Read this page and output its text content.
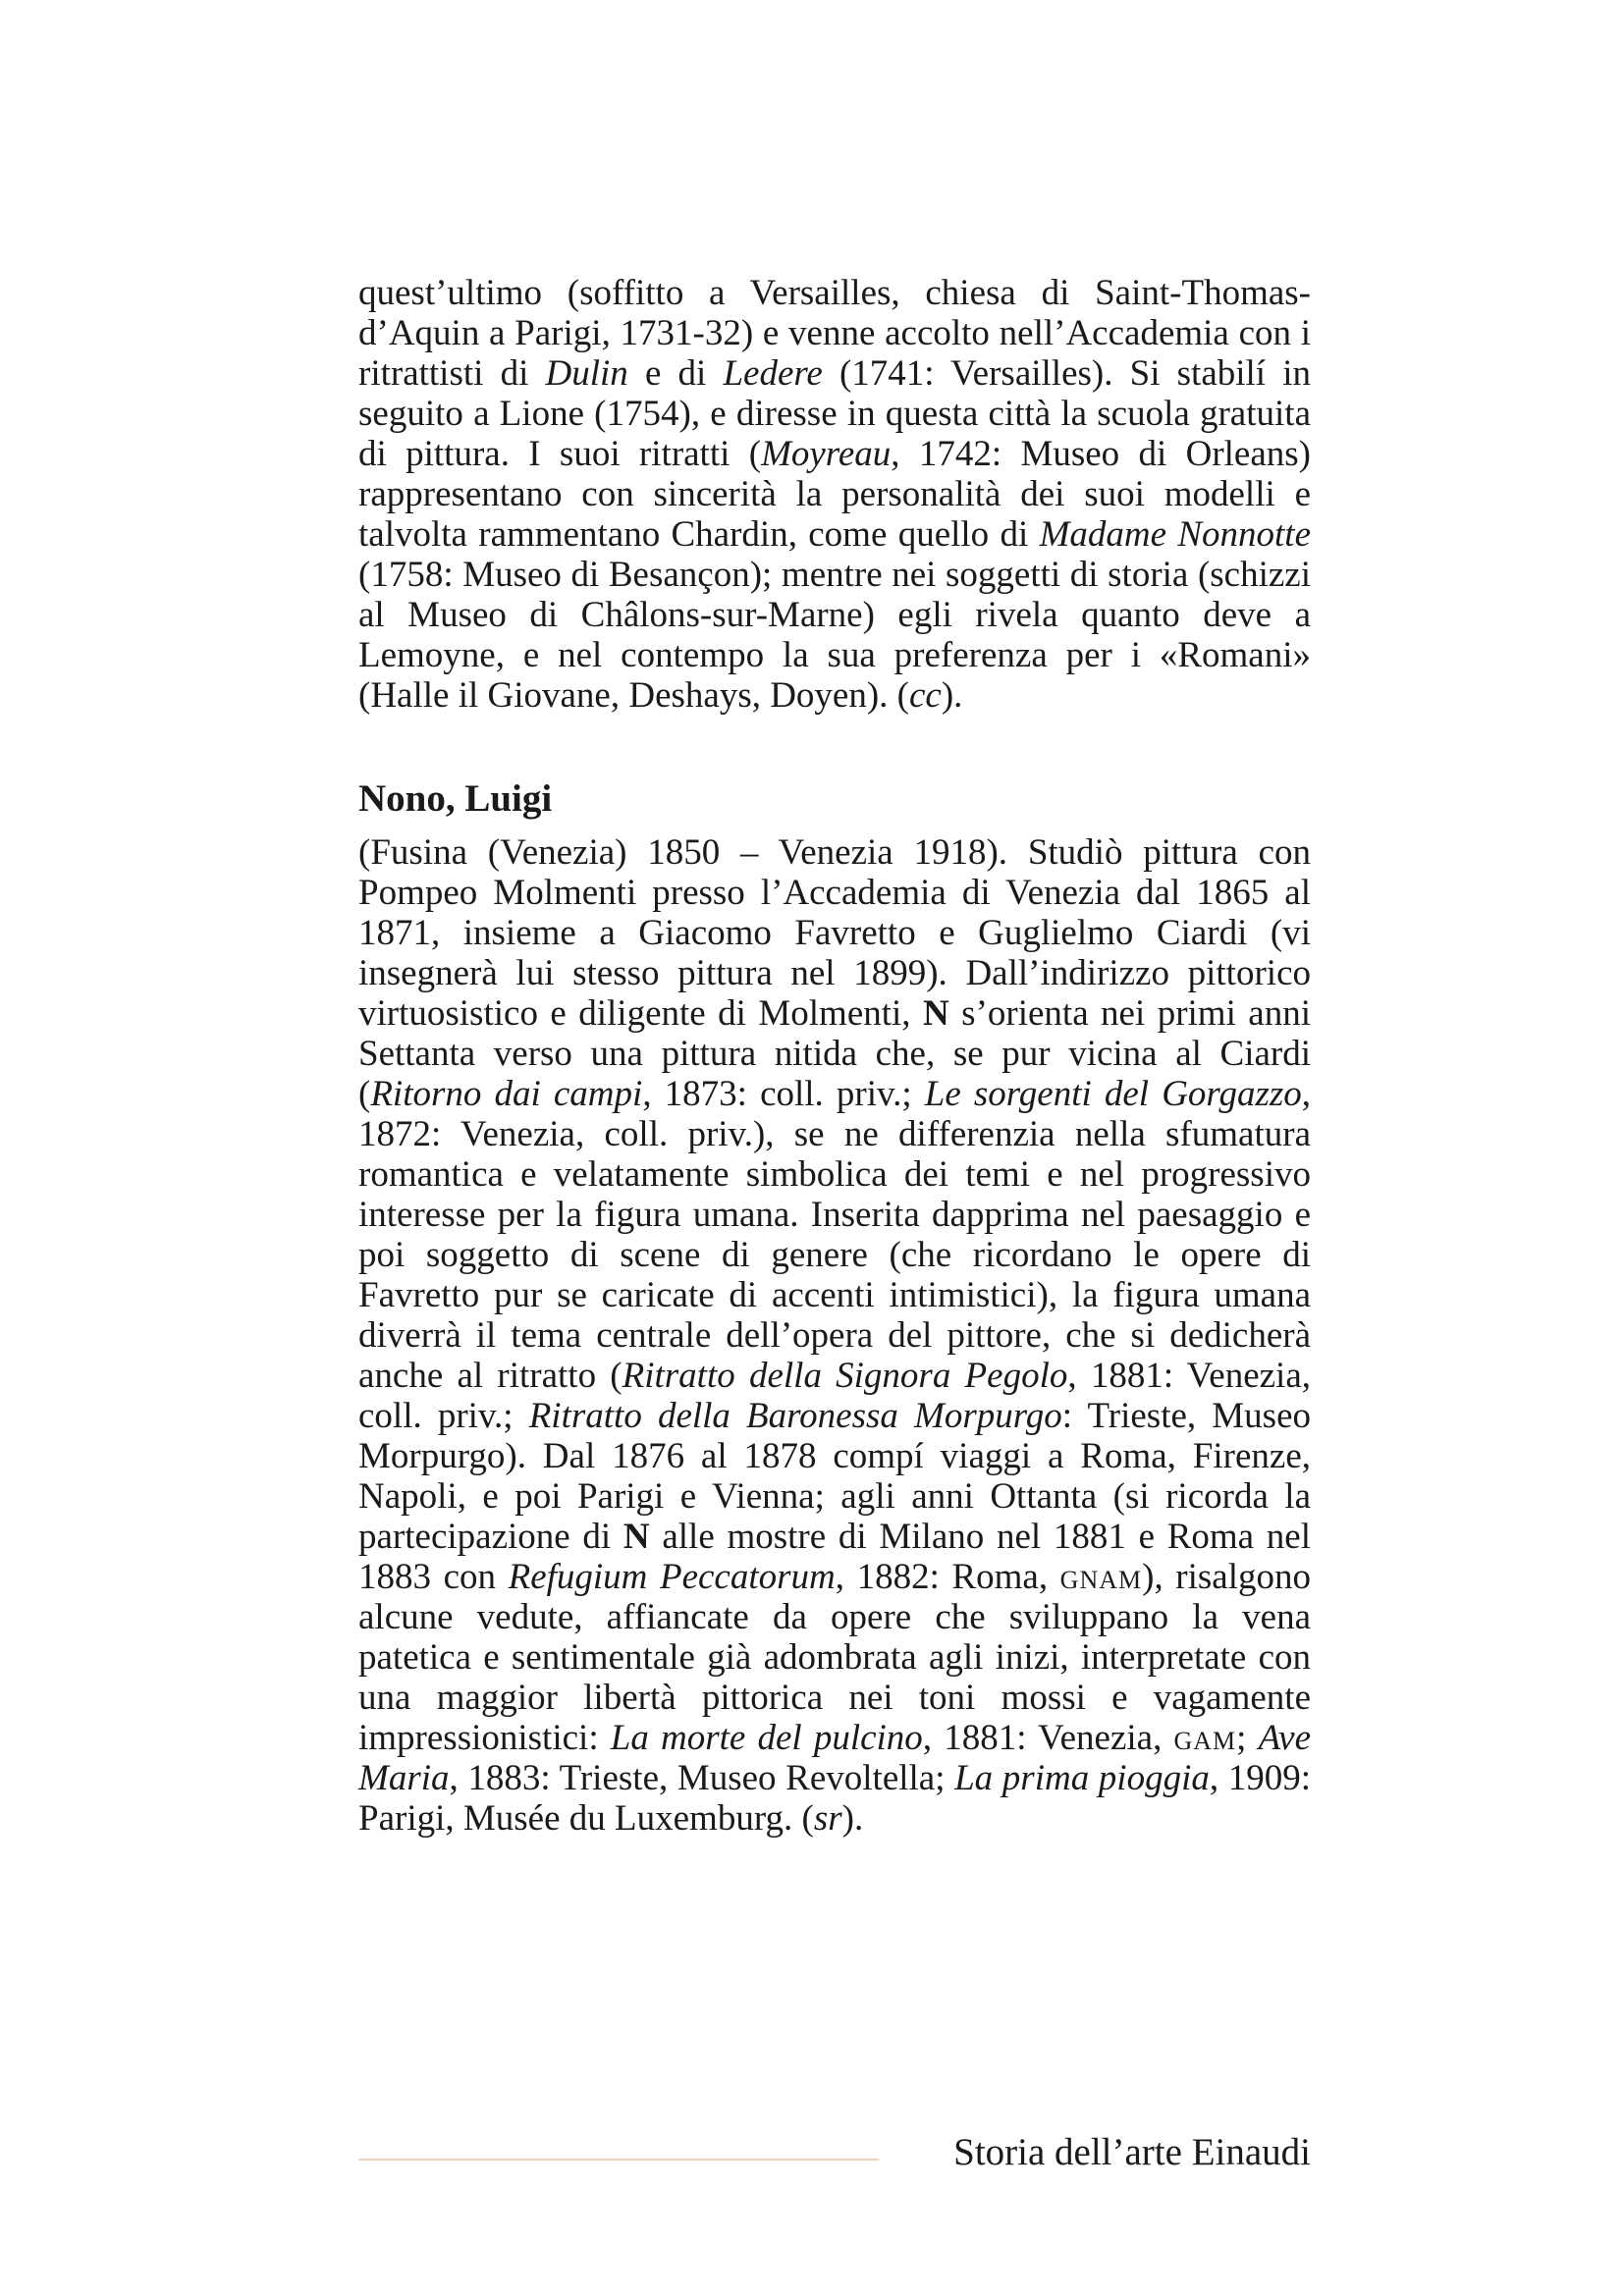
quest’ultimo (soffitto a Versailles, chiesa di Saint-Thomas-d’Aquin a Parigi, 1731-32) e venne accolto nell’Accademia con i ritrattisti di Dulin e di Ledere (1741: Versailles). Si stabilí in seguito a Lione (1754), e diresse in questa città la scuola gratuita di pittura. I suoi ritratti (Moyreau, 1742: Museo di Orleans) rappresentano con sincerità la personalità dei suoi modelli e talvolta rammentano Chardin, come quello di Madame Nonnotte (1758: Museo di Besançon); mentre nei soggetti di storia (schizzi al Museo di Châlons-sur-Marne) egli rivela quanto deve a Lemoyne, e nel contempo la sua preferenza per i «Romani» (Halle il Giovane, Deshays, Doyen). (cc).

Nono, Luigi

(Fusina (Venezia) 1850 – Venezia 1918). Studiò pittura con Pompeo Molmenti presso l’Accademia di Venezia dal 1865 al 1871, insieme a Giacomo Favretto e Guglielmo Ciardi (vi insegnerà lui stesso pittura nel 1899). Dall’indirizzo pittorico virtuosistico e diligente di Molmenti, N s’orienta nei primi anni Settanta verso una pittura nitida che, se pur vicina al Ciardi (Ritorno dai campi, 1873: coll. priv.; Le sorgenti del Gorgazzo, 1872: Venezia, coll. priv.), se ne differenzia nella sfumatura romantica e velatamente simbolica dei temi e nel progressivo interesse per la figura umana. Inserita dapprima nel paesaggio e poi soggetto di scene di genere (che ricordano le opere di Favretto pur se caricate di accenti intimistici), la figura umana diverrà il tema centrale dell’opera del pittore, che si dedicherà anche al ritratto (Ritratto della Signora Pegolo, 1881: Venezia, coll. priv.; Ritratto della Baronessa Morpurgo: Trieste, Museo Morpurgo). Dal 1876 al 1878 compí viaggi a Roma, Firenze, Napoli, e poi Parigi e Vienna; agli anni Ottanta (si ricorda la partecipazione di N alle mostre di Milano nel 1881 e Roma nel 1883 con Refugium Peccatorum, 1882: Roma, gnam), risalgono alcune vedute, affiancate da opere che sviluppano la vena patetica e sentimentale già adombrata agli inizi, interpretate con una maggior libertà pittorica nei toni mossi e vagamente impressionistici: La morte del pulcino, 1881: Venezia, gam; Ave Maria, 1883: Trieste, Museo Revoltella; La prima pioggia, 1909: Parigi, Musée du Luxemburg. (sr).

Storia dell’arte Einaudi
